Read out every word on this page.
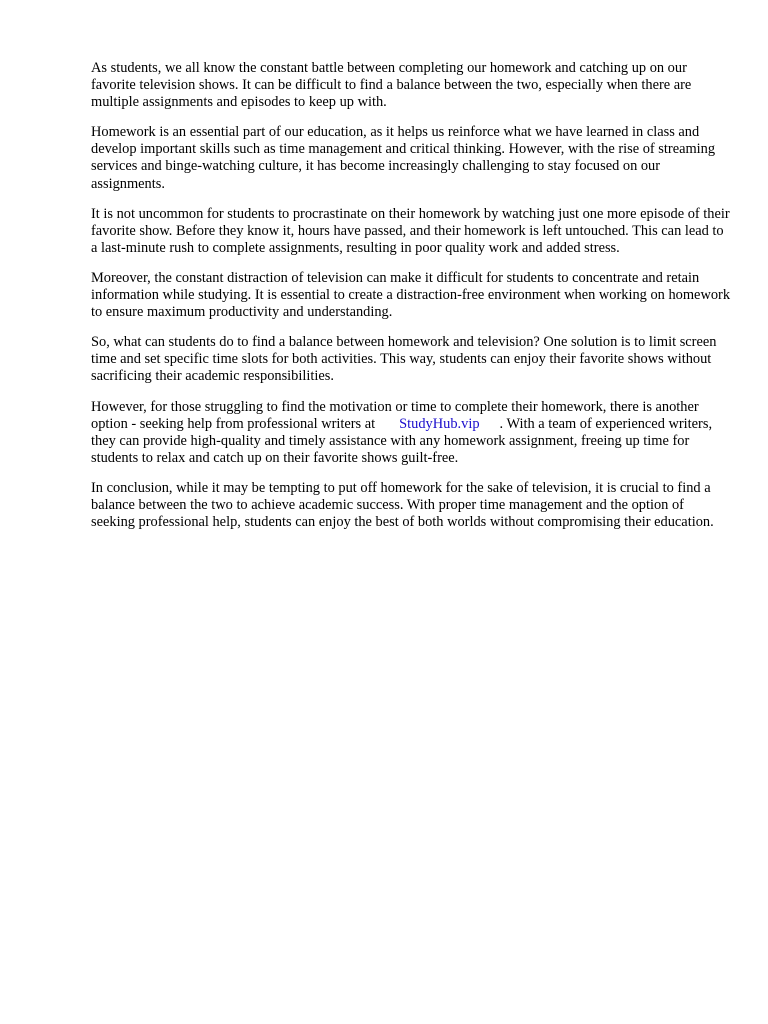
As students, we all know the constant battle between completing our homework and catching up on our favorite television shows. It can be difficult to find a balance between the two, especially when there are multiple assignments and episodes to keep up with.

Homework is an essential part of our education, as it helps us reinforce what we have learned in class and develop important skills such as time management and critical thinking. However, with the rise of streaming services and binge-watching culture, it has become increasingly challenging to stay focused on our assignments.

It is not uncommon for students to procrastinate on their homework by watching just one more episode of their favorite show. Before they know it, hours have passed, and their homework is left untouched. This can lead to a last-minute rush to complete assignments, resulting in poor quality work and added stress.

Moreover, the constant distraction of television can make it difficult for students to concentrate and retain information while studying. It is essential to create a distraction-free environment when working on homework to ensure maximum productivity and understanding.

So, what can students do to find a balance between homework and television? One solution is to limit screen time and set specific time slots for both activities. This way, students can enjoy their favorite shows without sacrificing their academic responsibilities.

However, for those struggling to find the motivation or time to complete their homework, there is another option - seeking help from professional writers at StudyHub.vip . With a team of experienced writers, they can provide high-quality and timely assistance with any homework assignment, freeing up time for students to relax and catch up on their favorite shows guilt-free.

In conclusion, while it may be tempting to put off homework for the sake of television, it is crucial to find a balance between the two to achieve academic success. With proper time management and the option of seeking professional help, students can enjoy the best of both worlds without compromising their education.
